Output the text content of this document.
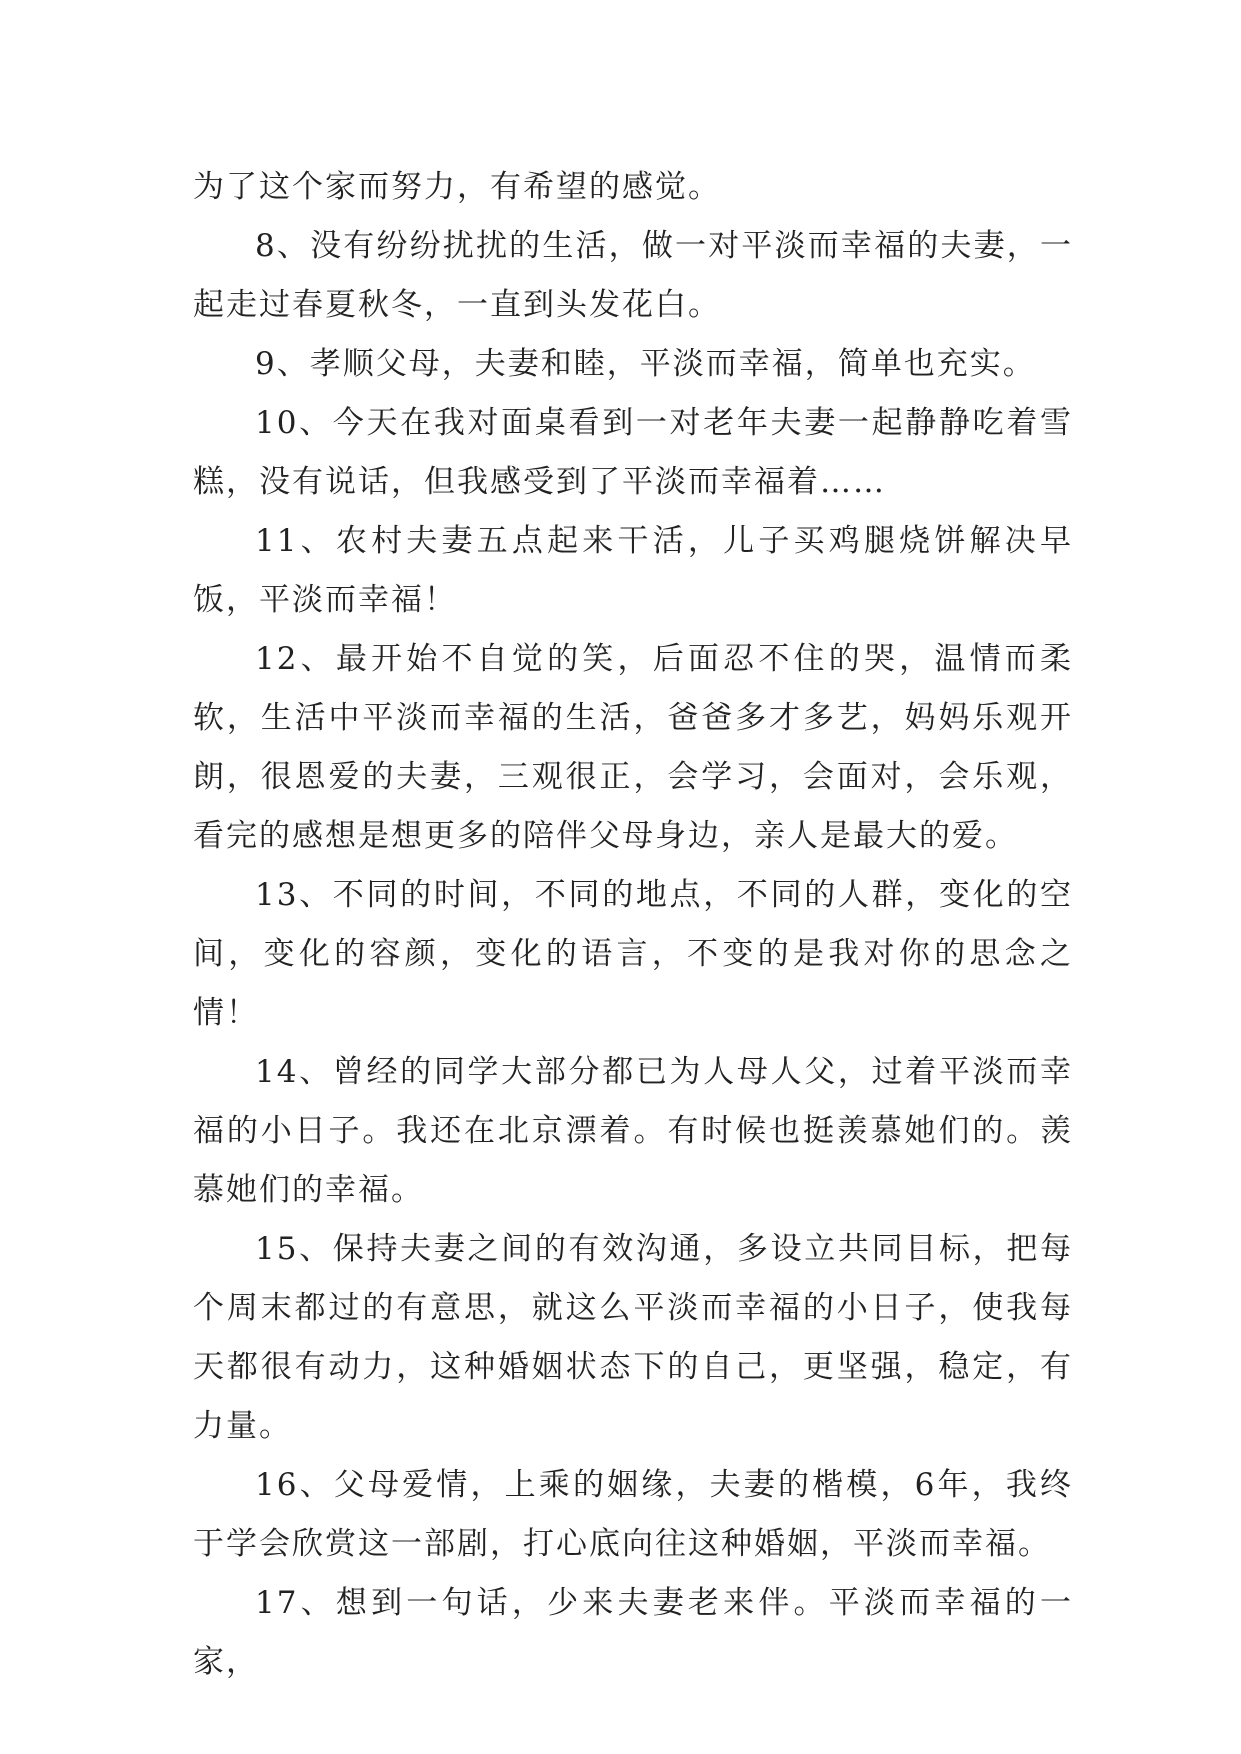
为了这个家而努力，有希望的感觉。

8、没有纷纷扰扰的生活，做一对平淡而幸福的夫妻，一起走过春夏秋冬，一直到头发花白。

9、孝顺父母，夫妻和睦，平淡而幸福，简单也充实。

10、今天在我对面桌看到一对老年夫妻一起静静吃着雪糕，没有说话，但我感受到了平淡而幸福着……

11、农村夫妻五点起来干活，儿子买鸡腿烧饼解决早饭，平淡而幸福！

12、最开始不自觉的笑，后面忍不住的哭，温情而柔软，生活中平淡而幸福的生活，爸爸多才多艺，妈妈乐观开朗，很恩爱的夫妻，三观很正，会学习，会面对，会乐观，看完的感想是想更多的陪伴父母身边，亲人是最大的爱。

13、不同的时间，不同的地点，不同的人群，变化的空间，变化的容颜，变化的语言，不变的是我对你的思念之情！

14、曾经的同学大部分都已为人母人父，过着平淡而幸福的小日子。我还在北京漂着。有时候也挺羡慕她们的。羡慕她们的幸福。

15、保持夫妻之间的有效沟通，多设立共同目标，把每个周末都过的有意思，就这么平淡而幸福的小日子，使我每天都很有动力，这种婚姻状态下的自己，更坚强，稳定，有力量。

16、父母爱情，上乘的姻缘，夫妻的楷模，6年，我终于学会欣赏这一部剧，打心底向往这种婚姻，平淡而幸福。

17、想到一句话，少来夫妻老来伴。平淡而幸福的一家，
